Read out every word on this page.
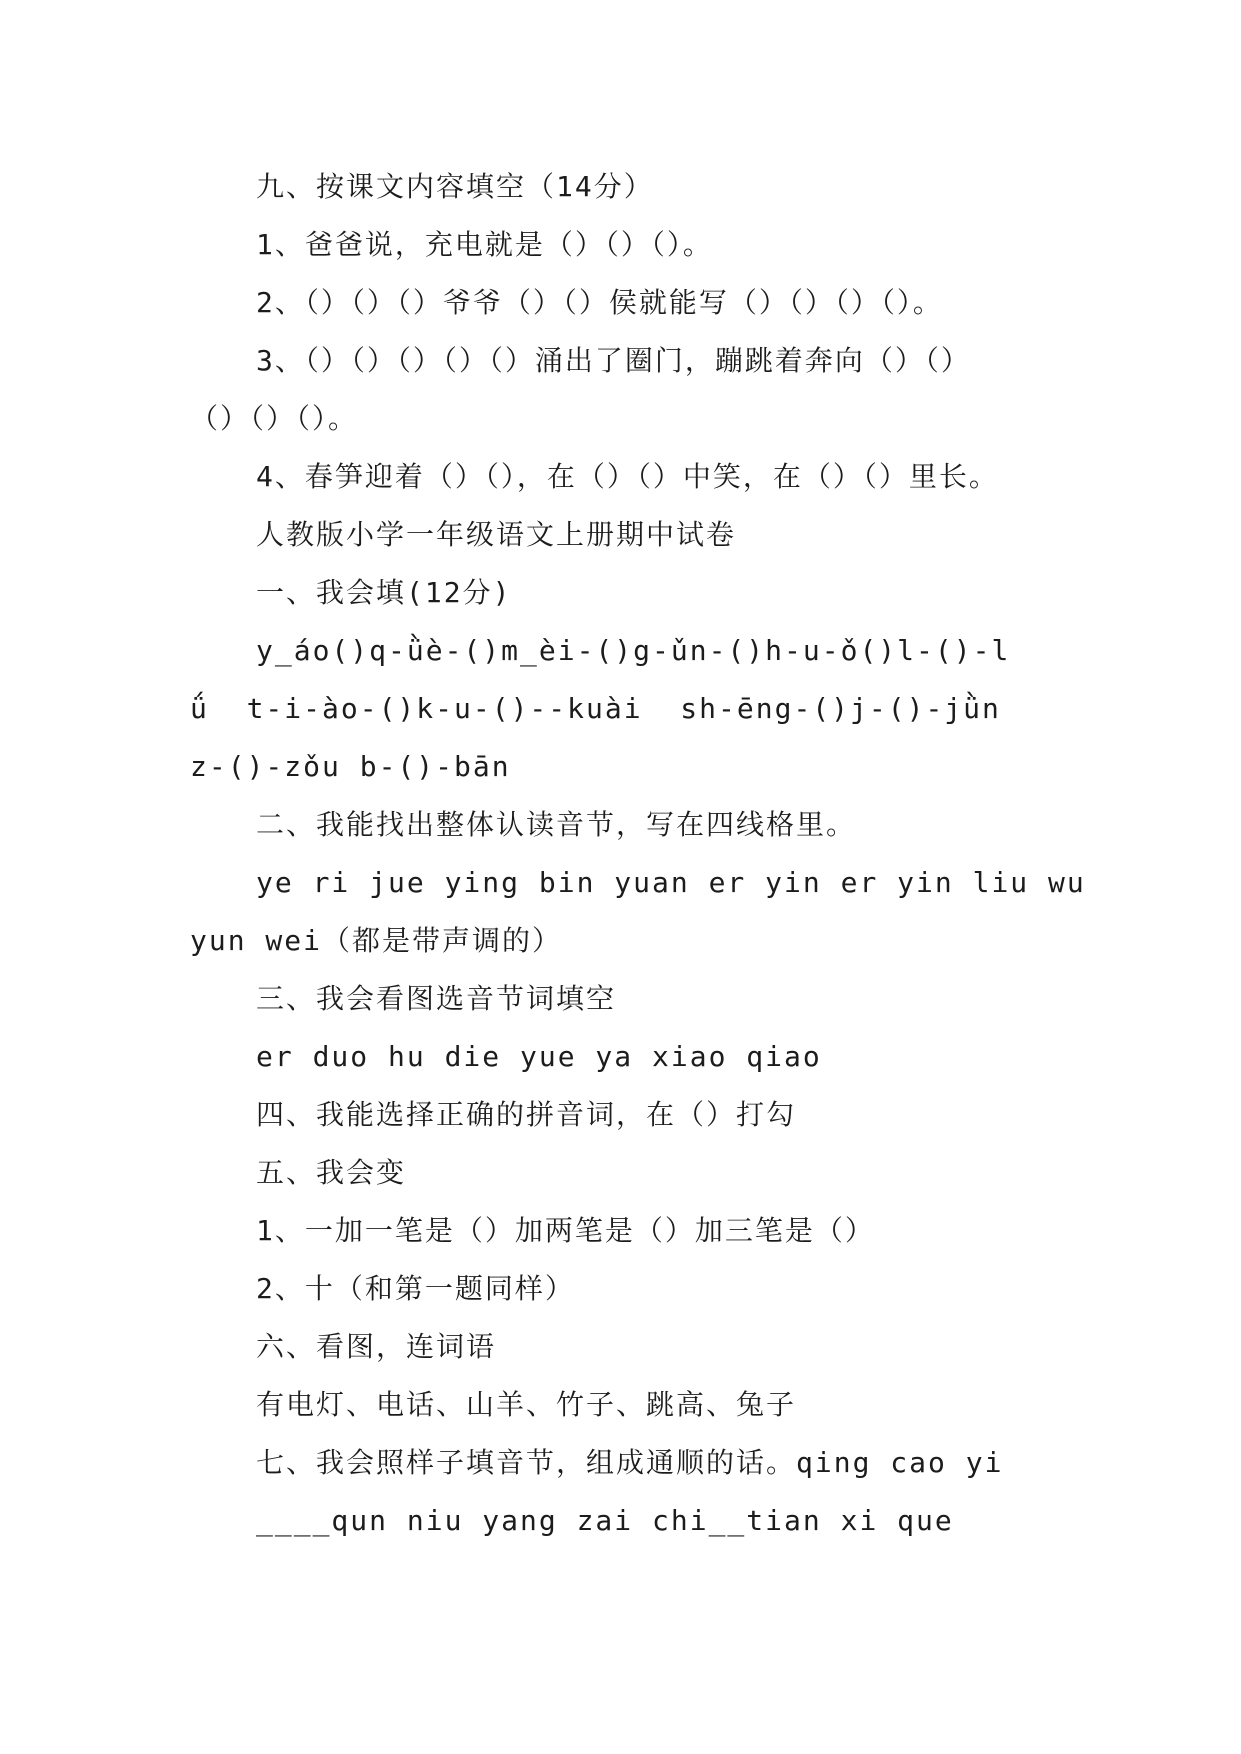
九、按课文内容填空（14分）
1、爸爸说，充电就是（）（）（）。
2、（）（）（）爷爷（）（）侯就能写（）（）（）（）。
3、（）（）（）（）（）涌出了圈门，蹦跳着奔向（）（）
（）（）（）。
4、春笋迎着（）（），在（）（）中笑，在（）（）里长。
人教版小学一年级语文上册期中试卷
一、我会填(12分)
y_áo()q-ǜè-()m_èi-()g-ǔn-()h-u-ǒ()l-()-l
ǘ  t-i-ào-()k-u-()--kuài  sh-ēng-()j-()-jǜn
z-()-zǒu b-()-bān
二、我能找出整体认读音节，写在四线格里。
ye ri jue ying bin yuan er yin er yin liu wu
yun wei（都是带声调的）
三、我会看图选音节词填空
er duo hu die yue ya xiao qiao
四、我能选择正确的拼音词，在（）打勾
五、我会变
1、一加一笔是（）加两笔是（）加三笔是（）
2、十（和第一题同样）
六、看图，连词语
有电灯、电话、山羊、竹子、跳高、兔子
七、我会照样子填音节，组成通顺的话。qing cao yi
____qun niu yang zai chi__tian xi que
